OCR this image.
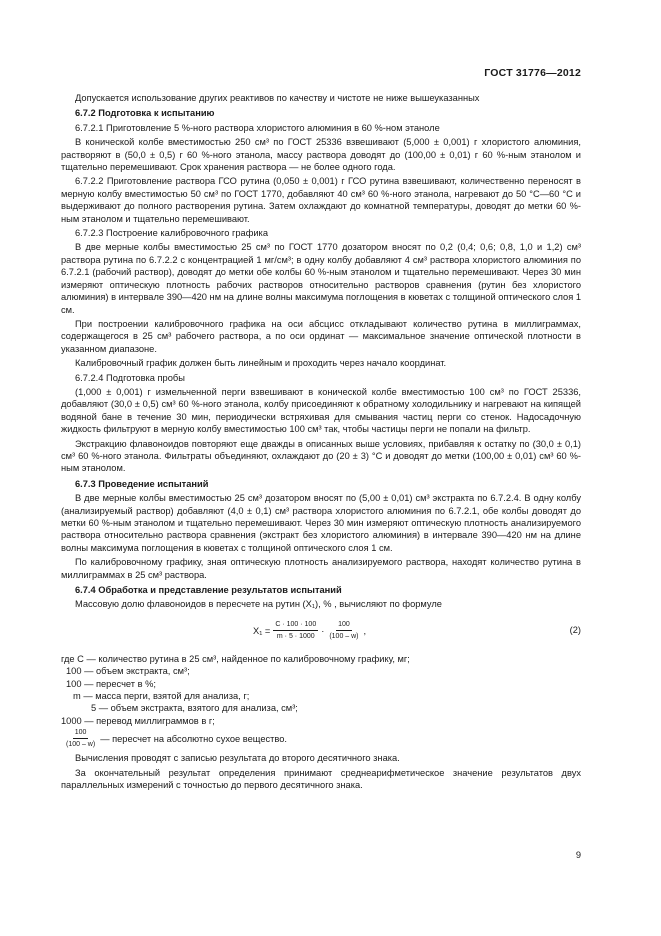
ГОСТ 31776—2012

Допускается использование других реактивов по качеству и чистоте не ниже вышеуказанных

6.7.2 Подготовка к испытанию

6.7.2.1 Приготовление 5 %-ного раствора хлористого алюминия в 60 %-ном этаноле

В конической колбе вместимостью 250 см³ по ГОСТ 25336 взвешивают (5,000 ± 0,001) г хлористого алюминия, растворяют в (50,0 ± 0,5) г 60 %-ного этанола, массу раствора доводят до (100,00 ± 0,01) г 60 %-ным этанолом и тщательно перемешивают. Срок хранения раствора — не более одного года.

6.7.2.2 Приготовление раствора ГСО рутина (0,050 ± 0,001) г ГСО рутина взвешивают, количественно переносят в мерную колбу вместимостью 50 см³ по ГОСТ 1770, добавляют 40 см³ 60 %-ного этанола, нагревают до 50 °С—60 °С и выдерживают до полного растворения рутина. Затем охлаждают до комнатной температуры, доводят до метки 60 %-ным этанолом и тщательно перемешивают.

6.7.2.3 Построение калибровочного графика

В две мерные колбы вместимостью 25 см³ по ГОСТ 1770 дозатором вносят по 0,2 (0,4; 0,6; 0,8, 1,0 и 1,2) см³ раствора рутина по 6.7.2.2 с концентрацией 1 мг/см³; в одну колбу добавляют 4 см³ раствора хлористого алюминия по 6.7.2.1 (рабочий раствор), доводят до метки обе колбы 60 %-ным этанолом и тщательно перемешивают. Через 30 мин измеряют оптическую плотность рабочих растворов относительно растворов сравнения (рутин без хлористого алюминия) в интервале 390—420 нм на длине волны максимума поглощения в кюветах с толщиной оптического слоя 1 см.

При построении калибровочного графика на оси абсцисс откладывают количество рутина в миллиграммах, содержащегося в 25 см³ рабочего раствора, а по оси ординат — максимальное значение оптической плотности в указанном диапазоне.

Калибровочный график должен быть линейным и проходить через начало координат.

6.7.2.4 Подготовка пробы

(1,000 ± 0,001) г измельченной перги взвешивают в конической колбе вместимостью 100 см³ по ГОСТ 25336, добавляют (30,0 ± 0,5) см³ 60 %-ного этанола, колбу присоединяют к обратному холодильнику и нагревают на кипящей водяной бане в течение 30 мин, периодически встряхивая для смывания частиц перги со стенок. Надосадочную жидкость фильтруют в мерную колбу вместимостью 100 см³ так, чтобы частицы перги не попали на фильтр.

Экстракцию флавоноидов повторяют еще дважды в описанных выше условиях, прибавляя к остатку по (30,0 ± 0,1) см³ 60 %-ного этанола. Фильтраты объединяют, охлаждают до (20 ± 3) °С и доводят до метки (100,00 ± 0,01) см³ 60 %-ным этанолом.

6.7.3 Проведение испытаний

В две мерные колбы вместимостью 25 см³ дозатором вносят по (5,00 ± 0,01) см³ экстракта по 6.7.2.4. В одну колбу (анализируемый раствор) добавляют (4,0 ± 0,1) см³ раствора хлористого алюминия по 6.7.2.1, обе колбы доводят до метки 60 %-ным этанолом и тщательно перемешивают. Через 30 мин измеряют оптическую плотность анализируемого раствора относительно раствора сравнения (экстракт без хлористого алюминия) в интервале 390—420 нм на длине волны максимума поглощения в кюветах с толщиной оптического слоя 1 см.

По калибровочному графику, зная оптическую плотность анализируемого раствора, находят количество рутина в миллиграммах в 25 см³ раствора.

6.7.4 Обработка и представление результатов испытаний

Массовую долю флавоноидов в пересчете на рутин (X₁), % , вычисляют по формуле

$X_1 = \frac{C \cdot 100 \cdot 100}{m \cdot 5 \cdot 1000} \cdot \frac{100}{(100 - w)}$ ,	(2)

где C — количество рутина в 25 см³, найденное по калибровочному графику, мг;

100 — объем экстракта, см³;

100 — пересчет в %;

m — масса перги, взятой для анализа, г;

5 — объем экстракта, взятого для анализа, см³;

1000 — перевод миллиграммов в г;

$\frac{100}{(100 - w)}$ — пересчет на абсолютно сухое вещество.

Вычисления проводят с записью результата до второго десятичного знака.

За окончательный результат определения принимают среднеарифметическое значение результатов двух параллельных измерений с точностью до первого десятичного знака.

9
